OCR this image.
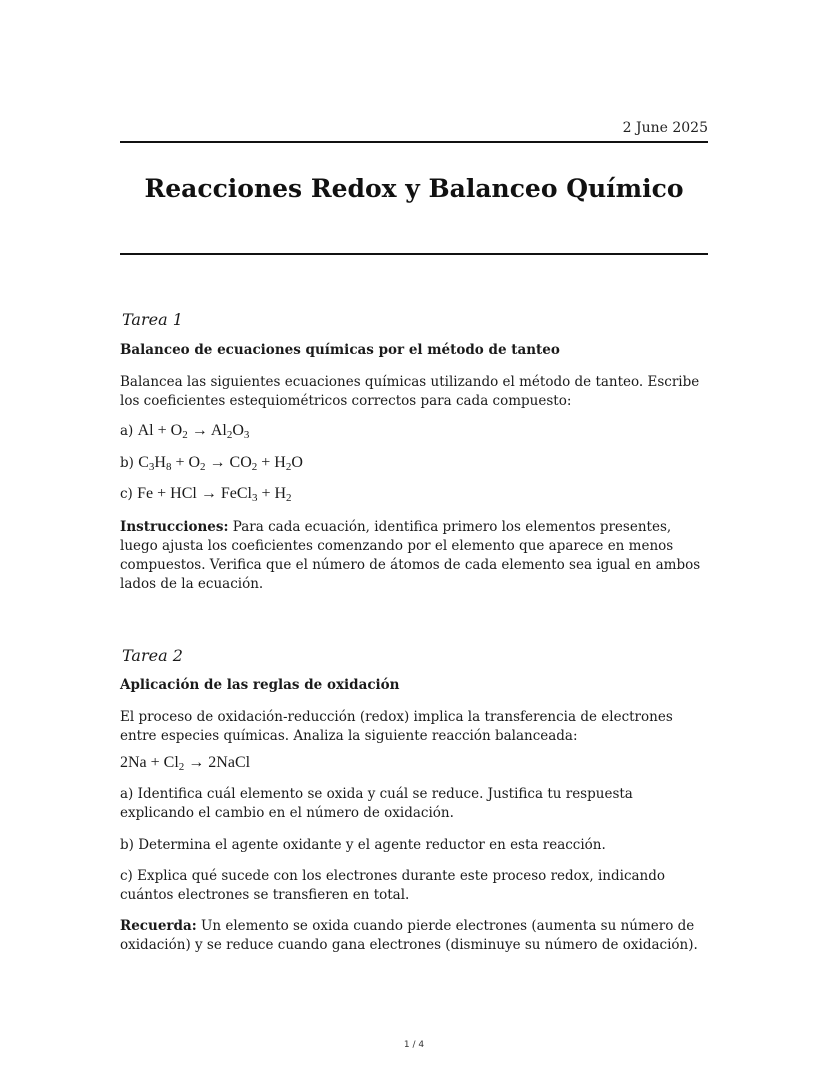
2 June 2025
Reacciones Redox y Balanceo Químico
Tarea 1
Balanceo de ecuaciones químicas por el método de tanteo
Balancea las siguientes ecuaciones químicas utilizando el método de tanteo. Escribe los coeficientes estequiométricos correctos para cada compuesto:
a) $Al + O_2 \to Al_2O_3$
b) $C_3H_8 + O_2 \to CO_2 + H_2O$
c) Fe + HCl → FeCl$_3$ + $H_2$
Instrucciones: Para cada ecuación, identifica primero los elementos presentes, luego ajusta los coeficientes comenzando por el elemento que aparece en menos compuestos. Verifica que el número de átomos de cada elemento sea igual en ambos lados de la ecuación.
Tarea 2
Aplicación de las reglas de oxidación
El proceso de oxidación-reducción (redox) implica la transferencia de electrones entre especies químicas. Analiza la siguiente reacción balanceada:
$2Na + Cl_2$ → 2NaCl
a) Identifica cuál elemento se oxida y cuál se reduce. Justifica tu respuesta explicando el cambio en el número de oxidación.
b) Determina el agente oxidante y el agente reductor en esta reacción.
c) Explica qué sucede con los electrones durante este proceso redox, indicando cuántos electrones se transfieren en total.
Recuerda: Un elemento se oxida cuando pierde electrones (aumenta su número de oxidación) y se reduce cuando gana electrones (disminuye su número de oxidación).
1 / 4
